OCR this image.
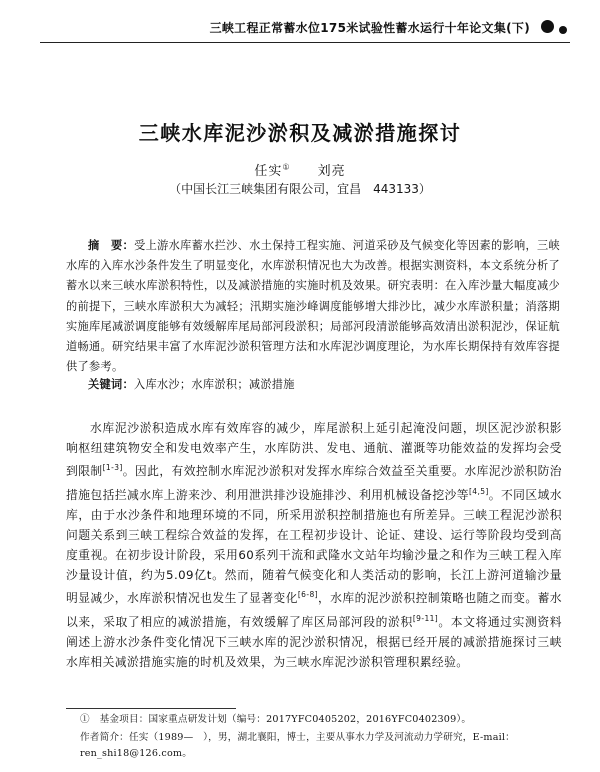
三峡工程正常蓄水位175米试验性蓄水运行十年论文集(下)
三峡水库泥沙淤积及减淤措施探讨
任实① 刘亮
（中国长江三峡集团有限公司，宜昌　443133）
摘　要：受上游水库蓄水拦沙、水土保持工程实施、河道采砂及气候变化等因素的影响，三峡水库的入库水沙条件发生了明显变化，水库淤积情况也大为改善。根据实测资料，本文系统分析了蓄水以来三峡水库淤积特性，以及减淤措施的实施时机及效果。研究表明：在入库沙量大幅度减少的前提下，三峡水库淤积大为减轻；汛期实施沙峰调度能够增大排沙比，减少水库淤积量；消落期实施库尾减淤调度能够有效缓解库尾局部河段淤积；局部河段清淤能够高效清出淤积泥沙，保证航道畅通。研究结果丰富了水库泥沙淤积管理方法和水库泥沙调度理论，为水库长期保持有效库容提供了参考。
关键词：入库水沙；水库淤积；减淤措施
水库泥沙淤积造成水库有效库容的减少，库尾淤积上延引起淹没问题，坝区泥沙淤积影响枢纽建筑物安全和发电效率产生，水库防洪、发电、通航、灌溉等功能效益的发挥均会受到限制[1-3]。因此，有效控制水库泥沙淤积对发挥水库综合效益至关重要。水库泥沙淤积防治措施包括拦减水库上游来沙、利用泄洪排沙设施排沙、利用机械设备挖沙等[4,5]。不同区域水库，由于水沙条件和地理环境的不同，所采用淤积控制措施也有所差异。三峡工程泥沙淤积问题关系到三峡工程综合效益的发挥，在工程初步设计、论证、建设、运行等阶段均受到高度重视。在初步设计阶段，采用60系列干流和武隆水文站年均输沙量之和作为三峡工程入库沙量设计值，约为5.09亿t。然而，随着气候变化和人类活动的影响，长江上游河道输沙量明显减少，水库淤积情况也发生了显著变化[6-8]，水库的泥沙淤积控制策略也随之而变。蓄水以来，采取了相应的减淤措施，有效缓解了库区局部河段的淤积[9-11]。本文将通过实测资料阐述上游水沙条件变化情况下三峡水库的泥沙淤积情况，根据已经开展的减淤措施探讨三峡水库相关减淤措施实施的时机及效果，为三峡水库泥沙淤积管理积累经验。
①　基金项目：国家重点研发计划（编号：2017YFC0405202，2016YFC0402309）。
作者简介：任实（1989—　），男，湖北襄阳，博士，主要从事水力学及河流动力学研究，E-mail：ren_shi18@126.com。
